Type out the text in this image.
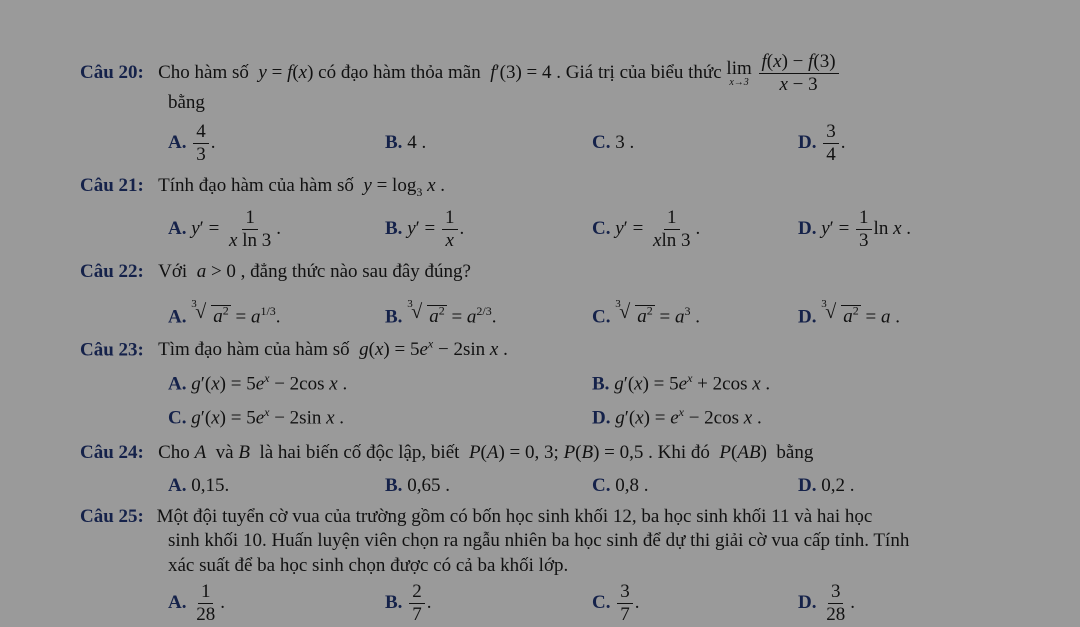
Câu 20:   Cho hàm số  y = f(x) có đạo hàm thỏa mãn  f′(3) = 4 . Giá trị của biểu thức lim
x→3
$\frac{f(x) - f(3)}{x - 3}$
bằng
A. $\frac{4}{3}$ .	B. 4 .	C. 3 .	D. $\frac{3}{4}$ .
Câu 21:   Tính đạo hàm của hàm số  $y = \log_3 x$ .
A. $y' = \frac{1}{\text{x ln 3}}$ .	B. $y' = \frac{1}{x}$ .	C. $y' = \frac{1}{xln 3}$ .	D. $y' = \frac{1}{3}$ ln x .
Câu 22:   Với  a > 0 , đẳng thức nào sau đây đúng?
A.
3
√ $a^2 = a^{1/3}$.	B.
3
√ $a^2 = a^{2/3}$.	C.
3
√ $a^2 = a^3$ .	D.
3
√ $a^2 = a$ .
Câu 23:   Tìm đạo hàm của hàm số  $g(x) = 5e^x - 2\sin$ x .
A. $g'(x) = 5e^x - 2\cos$ x .	B. $g'(x) = 5e^x + 2\cos$ x .
C. $g'(x) = 5e^x - 2\sin$ x .	D. $g'(x) = e^x - 2\cos$ x .
Câu 24:   Cho A  và B  là hai biến cố độc lập, biết  P(A) = 0, 3; P(B) = 0,5 . Khi đó  P(AB)  bằng
A. 0,15.	B. 0,65 .	C. 0,8 .	D. 0,2 .
Câu 25: Một đội tuyển cờ vua của trường gồm có bốn học sinh khối 12, ba học sinh khối 11 và hai học
sinh khối 10. Huấn luyện viên chọn ra ngẫu nhiên ba học sinh để dự thi giải cờ vua cấp tỉnh. Tính
xác suất để ba học sinh chọn được có cả ba khối lớp.
A. $\frac{1}{28}$ .	B. $\frac{2}{7}$ .	C. $\frac{3}{7}$ .	D. $\frac{3}{28}$ .
